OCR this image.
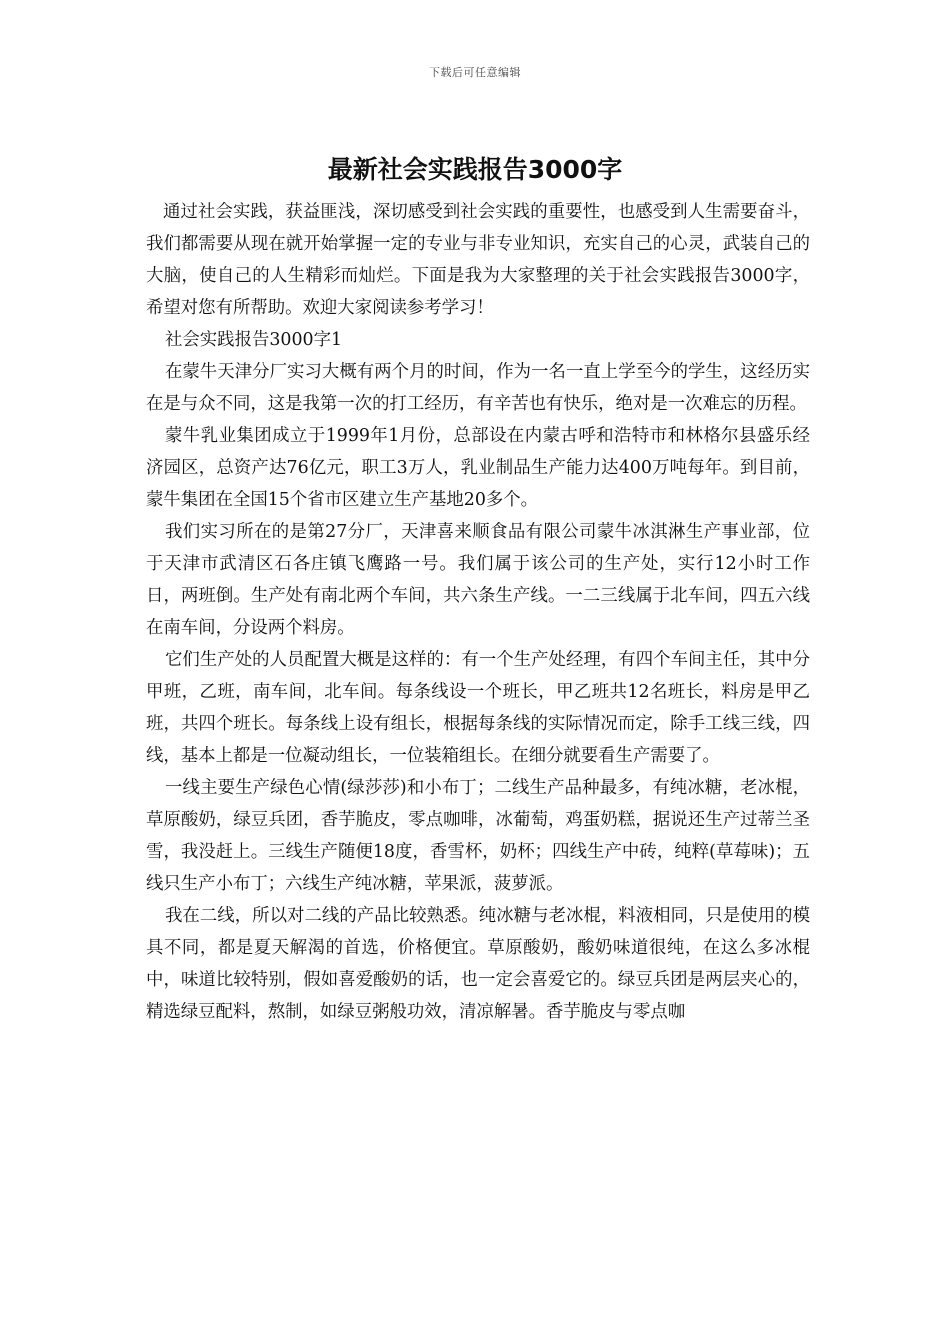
下载后可任意编辑
最新社会实践报告3000字

通过社会实践，获益匪浅，深切感受到社会实践的重要性，也感受到人生需要奋斗，我们都需要从现在就开始掌握一定的专业与非专业知识，充实自己的心灵，武装自己的大脑，使自己的人生精彩而灿烂。下面是我为大家整理的关于社会实践报告3000字，希望对您有所帮助。欢迎大家阅读参考学习！

社会实践报告3000字1

在蒙牛天津分厂实习大概有两个月的时间，作为一名一直上学至今的学生，这经历实在是与众不同，这是我第一次的打工经历，有辛苦也有快乐，绝对是一次难忘的历程。

蒙牛乳业集团成立于1999年1月份，总部设在内蒙古呼和浩特市和林格尔县盛乐经济园区，总资产达76亿元，职工3万人，乳业制品生产能力达400万吨每年。到目前，蒙牛集团在全国15个省市区建立生产基地20多个。

我们实习所在的是第27分厂，天津喜来顺食品有限公司蒙牛冰淇淋生产事业部，位于天津市武清区石各庄镇飞鹰路一号。我们属于该公司的生产处，实行12小时工作日，两班倒。生产处有南北两个车间，共六条生产线。一二三线属于北车间，四五六线在南车间，分设两个料房。

它们生产处的人员配置大概是这样的：有一个生产处经理，有四个车间主任，其中分甲班，乙班，南车间，北车间。每条线设一个班长，甲乙班共12名班长，料房是甲乙班，共四个班长。每条线上设有组长，根据每条线的实际情况而定，除手工线三线，四线，基本上都是一位凝动组长，一位装箱组长。在细分就要看生产需要了。

一线主要生产绿色心情(绿莎莎)和小布丁；二线生产品种最多，有纯冰糖，老冰棍，草原酸奶，绿豆兵团，香芋脆皮，零点咖啡，冰葡萄，鸡蛋奶糕，据说还生产过蒂兰圣雪，我没赶上。三线生产随便18度，香雪杯，奶杯；四线生产中砖，纯粹(草莓味)；五线只生产小布丁；六线生产纯冰糖，苹果派，菠萝派。

我在二线，所以对二线的产品比较熟悉。纯冰糖与老冰棍，料液相同，只是使用的模具不同，都是夏天解渴的首选，价格便宜。草原酸奶，酸奶味道很纯，在这么多冰棍中，味道比较特别，假如喜爱酸奶的话，也一定会喜爱它的。绿豆兵团是两层夹心的，精选绿豆配料，熬制，如绿豆粥般功效，清凉解暑。香芋脆皮与零点咖
